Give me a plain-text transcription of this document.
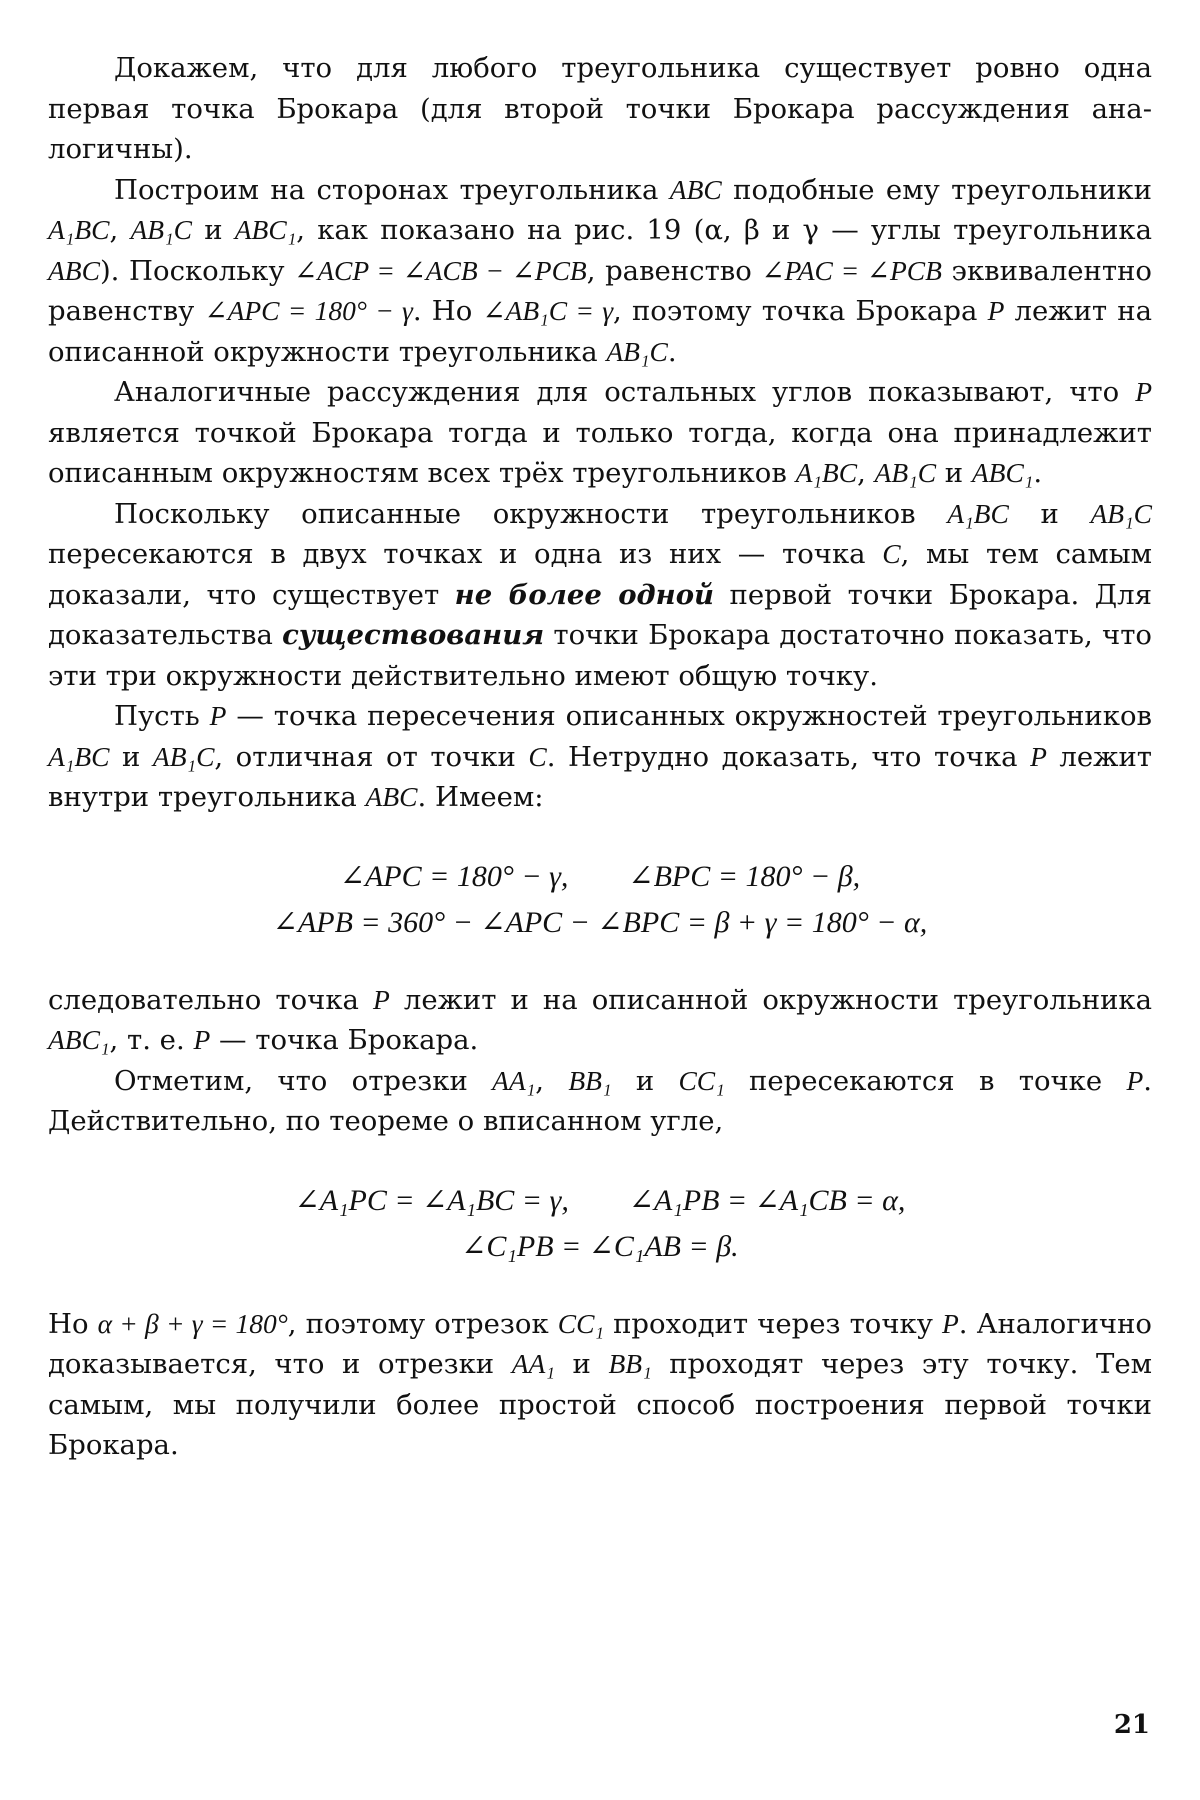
Докажем, что для любого треугольника существует ровно одна первая точка Брокара (для второй точки Брокара рассуждения аналогичны).

Построим на сторонах треугольника ABC подобные ему треугольники A₁BC, AB₁C и ABC₁, как показано на рис. 19 (α, β и γ — углы треугольника ABC). Поскольку ∠ACP = ∠ACB − ∠PCB, равенство ∠PAC = ∠PCB эквивалентно равенству ∠APC = 180° − γ. Но ∠AB₁C = γ, поэтому точка Брокара P лежит на описанной окружности треугольника AB₁C.

Аналогичные рассуждения для остальных углов показывают, что P является точкой Брокара тогда и только тогда, когда она принадлежит описанным окружностям всех трёх треугольников A₁BC, AB₁C и ABC₁.

Поскольку описанные окружности треугольников A₁BC и AB₁C пересекаются в двух точках и одна из них — точка C, мы тем самым доказали, что существует не более одной первой точки Брокара. Для доказательства существования точки Брокара достаточно показать, что эти три окружности действительно имеют общую точку.

Пусть P — точка пересечения описанных окружностей треугольников A₁BC и AB₁C, отличная от точки C. Нетрудно доказать, что точка P лежит внутри треугольника ABC. Имеем:

∠APC = 180° − γ,  ∠BPC = 180° − β,

∠APB = 360° − ∠APC − ∠BPC = β + γ = 180° − α,

следовательно точка P лежит и на описанной окружности треугольника ABC₁, т. е. P — точка Брокара.

Отметим, что отрезки AA₁, BB₁ и CC₁ пересекаются в точке P. Действительно, по теореме о вписанном угле,

∠A₁PC = ∠A₁BC = γ,  ∠A₁PB = ∠A₁CB = α,

∠C₁PB = ∠C₁AB = β.

Но α + β + γ = 180°, поэтому отрезок CC₁ проходит через точку P. Аналогично доказывается, что и отрезки AA₁ и BB₁ проходят через эту точку. Тем самым, мы получили более простой способ построения первой точки Брокара.

21
